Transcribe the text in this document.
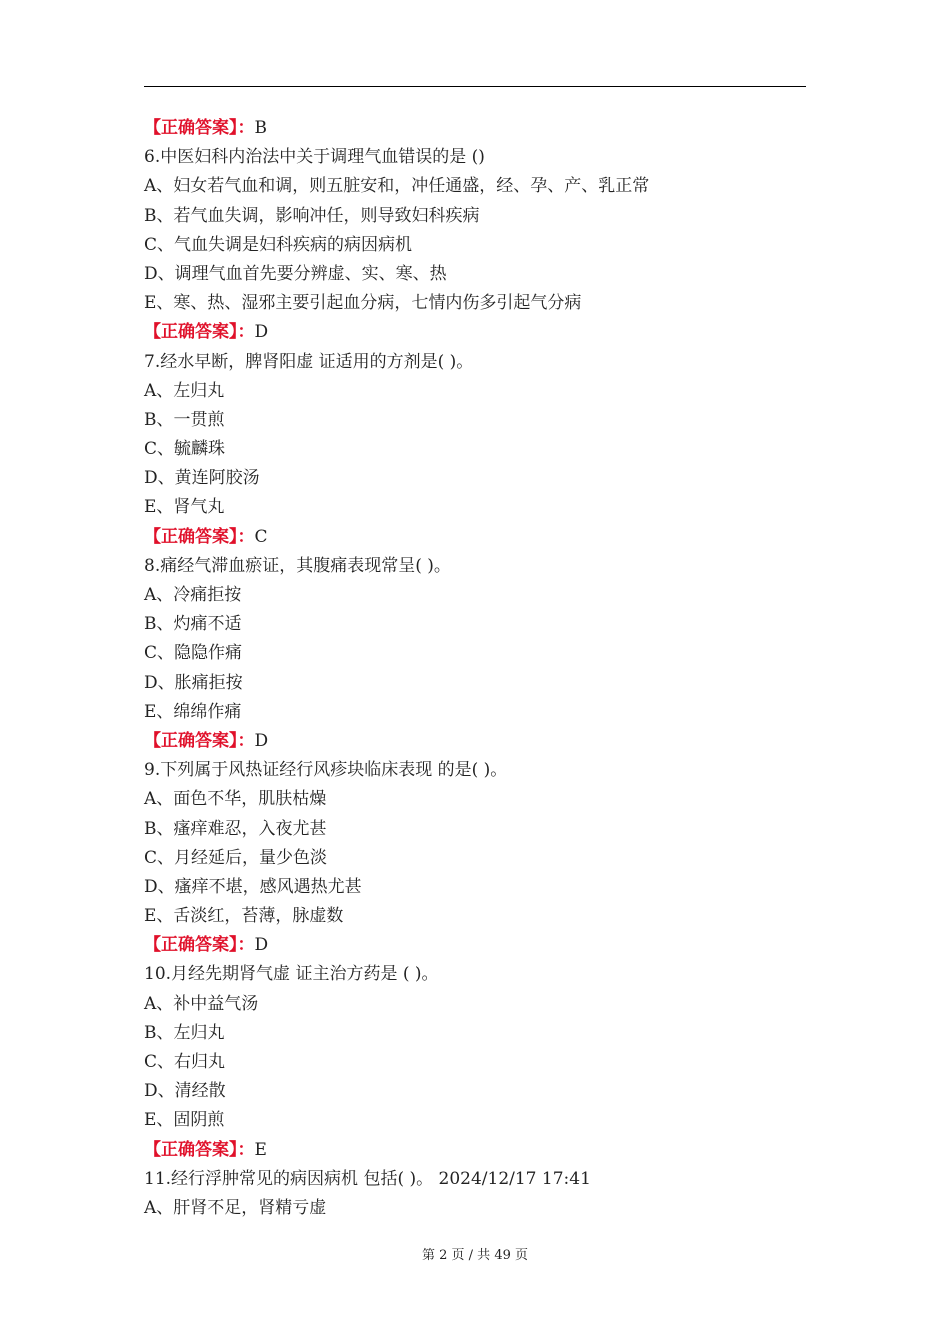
【正确答案】：B
6.中医妇科内治法中关于调理气血错误的是 ()
A、妇女若气血和调，则五脏安和，冲任通盛，经、孕、产、乳正常
B、若气血失调，影响冲任，则导致妇科疾病
C、气血失调是妇科疾病的病因病机
D、调理气血首先要分辨虚、实、寒、热
E、寒、热、湿邪主要引起血分病，七情内伤多引起气分病
【正确答案】：D
7.经水早断，脾肾阳虚 证适用的方剂是( )。
A、左归丸
B、一贯煎
C、毓麟珠
D、黄连阿胶汤
E、肾气丸
【正确答案】：C
8.痛经气滞血瘀证，其腹痛表现常呈( )。
A、冷痛拒按
B、灼痛不适
C、隐隐作痛
D、胀痛拒按
E、绵绵作痛
【正确答案】：D
9.下列属于风热证经行风疹块临床表现 的是( )。
A、面色不华，肌肤枯燥
B、瘙痒难忍，入夜尤甚
C、月经延后，量少色淡
D、瘙痒不堪，感风遇热尤甚
E、舌淡红，苔薄，脉虚数
【正确答案】：D
10.月经先期肾气虚 证主治方药是 ( )。
A、补中益气汤
B、左归丸
C、右归丸
D、清经散
E、固阴煎
【正确答案】：E
11.经行浮肿常见的病因病机 包括( )。 2024/12/17 17:41
A、肝肾不足，肾精亏虚
第 2 页 / 共 49 页
